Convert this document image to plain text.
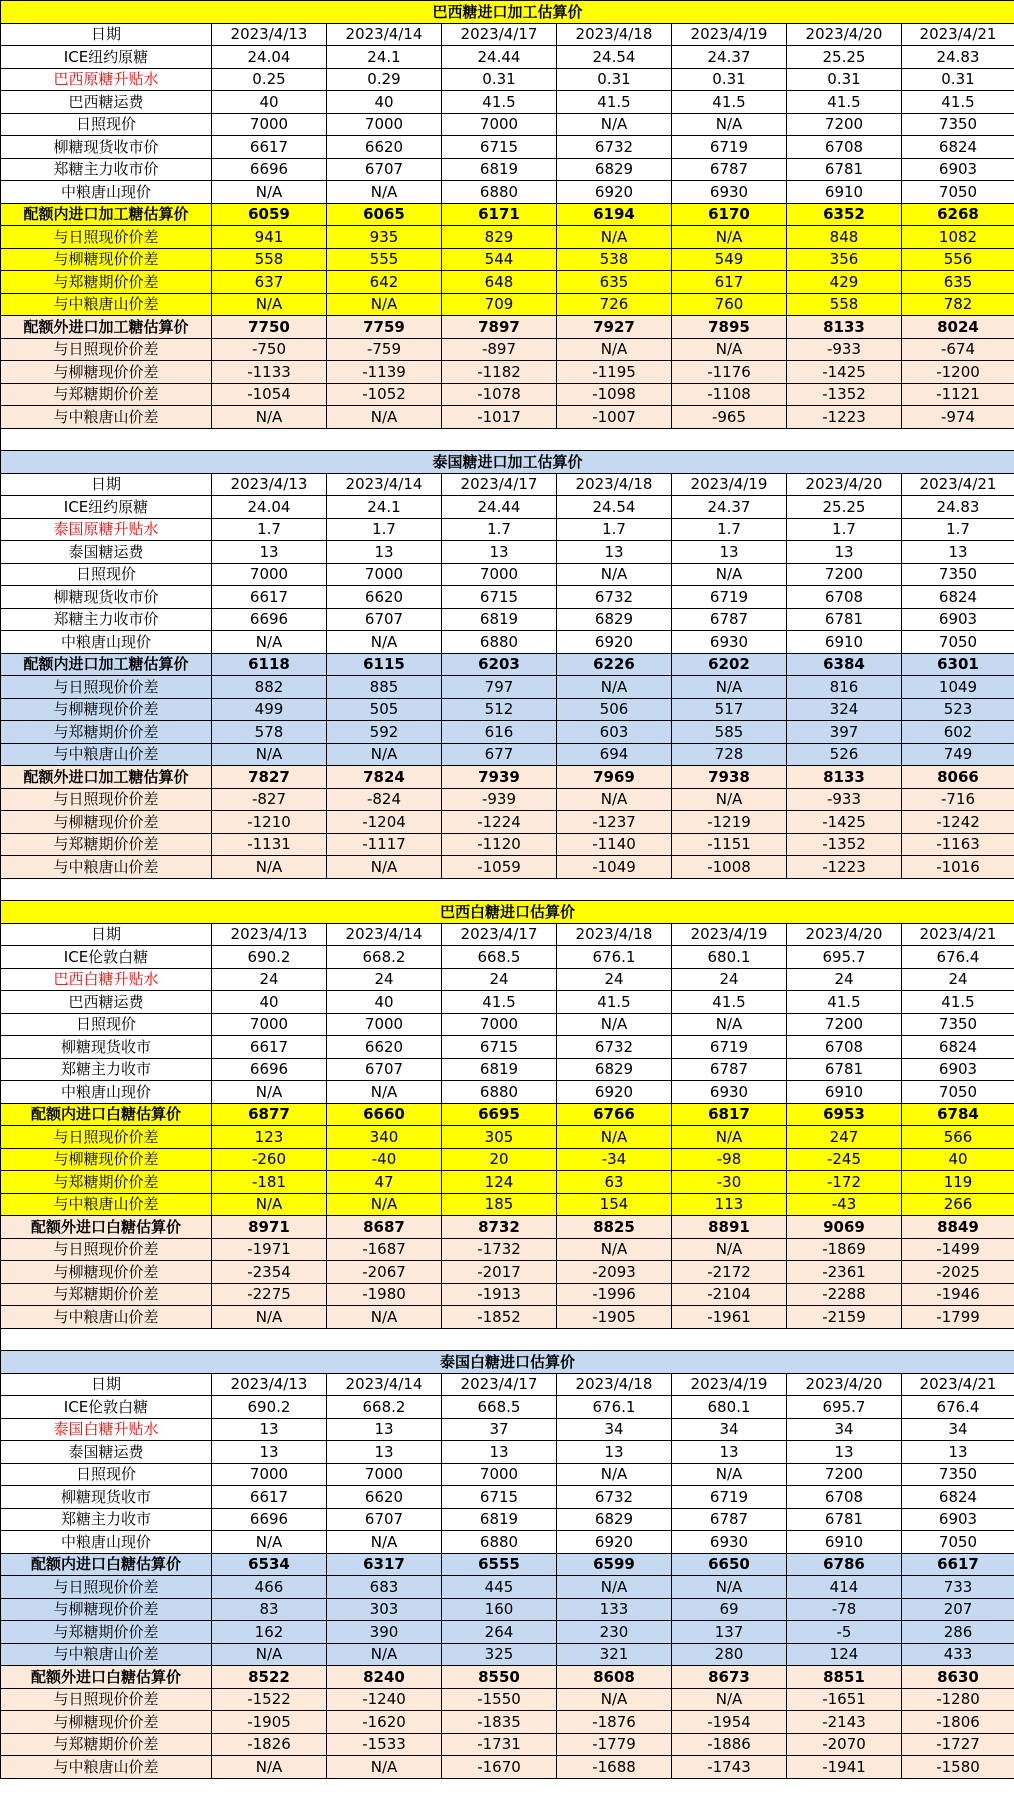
巴西糖进口加工估算价							
日期	2023/4/13	2023/4/14	2023/4/17	2023/4/18	2023/4/19	2023/4/20	2023/4/21
ICE纽约原糖	24.04	24.1	24.44	24.54	24.37	25.25	24.83
巴西原糖升贴水	0.25	0.29	0.31	0.31	0.31	0.31	0.31
巴西糖运费	40	40	41.5	41.5	41.5	41.5	41.5
日照现价	7000	7000	7000	N/A	N/A	7200	7350
柳糖现货收市价	6617	6620	6715	6732	6719	6708	6824
郑糖主力收市价	6696	6707	6819	6829	6787	6781	6903
中粮唐山现价	N/A	N/A	6880	6920	6930	6910	7050
配额内进口加工糖估算价	6059	6065	6171	6194	6170	6352	6268
与日照现价价差	941	935	829	N/A	N/A	848	1082
与柳糖现价价差	558	555	544	538	549	356	556
与郑糖期价价差	637	642	648	635	617	429	635
与中粮唐山价差	N/A	N/A	709	726	760	558	782
配额外进口加工糖估算价	7750	7759	7897	7927	7895	8133	8024
与日照现价价差	-750	-759	-897	N/A	N/A	-933	-674
与柳糖现价价差	-1133	-1139	-1182	-1195	-1176	-1425	-1200
与郑糖期价价差	-1054	-1052	-1078	-1098	-1108	-1352	-1121
与中粮唐山价差	N/A	N/A	-1017	-1007	-965	-1223	-974

泰国糖进口加工估算价							
日期	2023/4/13	2023/4/14	2023/4/17	2023/4/18	2023/4/19	2023/4/20	2023/4/21
ICE纽约原糖	24.04	24.1	24.44	24.54	24.37	25.25	24.83
泰国原糖升贴水	1.7	1.7	1.7	1.7	1.7	1.7	1.7
泰国糖运费	13	13	13	13	13	13	13
日照现价	7000	7000	7000	N/A	N/A	7200	7350
柳糖现货收市价	6617	6620	6715	6732	6719	6708	6824
郑糖主力收市价	6696	6707	6819	6829	6787	6781	6903
中粮唐山现价	N/A	N/A	6880	6920	6930	6910	7050
配额内进口加工糖估算价	6118	6115	6203	6226	6202	6384	6301
与日照现价价差	882	885	797	N/A	N/A	816	1049
与柳糖现价价差	499	505	512	506	517	324	523
与郑糖期价价差	578	592	616	603	585	397	602
与中粮唐山价差	N/A	N/A	677	694	728	526	749
配额外进口加工糖估算价	7827	7824	7939	7969	7938	8133	8066
与日照现价价差	-827	-824	-939	N/A	N/A	-933	-716
与柳糖现价价差	-1210	-1204	-1224	-1237	-1219	-1425	-1242
与郑糖期价价差	-1131	-1117	-1120	-1140	-1151	-1352	-1163
与中粮唐山价差	N/A	N/A	-1059	-1049	-1008	-1223	-1016

巴西白糖进口估算价							
日期	2023/4/13	2023/4/14	2023/4/17	2023/4/18	2023/4/19	2023/4/20	2023/4/21
ICE伦敦白糖	690.2	668.2	668.5	676.1	680.1	695.7	676.4
巴西白糖升贴水	24	24	24	24	24	24	24
巴西糖运费	40	40	41.5	41.5	41.5	41.5	41.5
日照现价	7000	7000	7000	N/A	N/A	7200	7350
柳糖现货收市	6617	6620	6715	6732	6719	6708	6824
郑糖主力收市	6696	6707	6819	6829	6787	6781	6903
中粮唐山现价	N/A	N/A	6880	6920	6930	6910	7050
配额内进口白糖估算价	6877	6660	6695	6766	6817	6953	6784
与日照现价价差	123	340	305	N/A	N/A	247	566
与柳糖现价价差	-260	-40	20	-34	-98	-245	40
与郑糖期价价差	-181	47	124	63	-30	-172	119
与中粮唐山价差	N/A	N/A	185	154	113	-43	266
配额外进口白糖估算价	8971	8687	8732	8825	8891	9069	8849
与日照现价价差	-1971	-1687	-1732	N/A	N/A	-1869	-1499
与柳糖现价价差	-2354	-2067	-2017	-2093	-2172	-2361	-2025
与郑糖期价价差	-2275	-1980	-1913	-1996	-2104	-2288	-1946
与中粮唐山价差	N/A	N/A	-1852	-1905	-1961	-2159	-1799

泰国白糖进口估算价							
日期	2023/4/13	2023/4/14	2023/4/17	2023/4/18	2023/4/19	2023/4/20	2023/4/21
ICE伦敦白糖	690.2	668.2	668.5	676.1	680.1	695.7	676.4
泰国白糖升贴水	13	13	37	34	34	34	34
泰国糖运费	13	13	13	13	13	13	13
日照现价	7000	7000	7000	N/A	N/A	7200	7350
柳糖现货收市	6617	6620	6715	6732	6719	6708	6824
郑糖主力收市	6696	6707	6819	6829	6787	6781	6903
中粮唐山现价	N/A	N/A	6880	6920	6930	6910	7050
配额内进口白糖估算价	6534	6317	6555	6599	6650	6786	6617
与日照现价价差	466	683	445	N/A	N/A	414	733
与柳糖现价价差	83	303	160	133	69	-78	207
与郑糖期价价差	162	390	264	230	137	-5	286
与中粮唐山价差	N/A	N/A	325	321	280	124	433
配额外进口白糖估算价	8522	8240	8550	8608	8673	8851	8630
与日照现价价差	-1522	-1240	-1550	N/A	N/A	-1651	-1280
与柳糖现价价差	-1905	-1620	-1835	-1876	-1954	-2143	-1806
与郑糖期价价差	-1826	-1533	-1731	-1779	-1886	-2070	-1727
与中粮唐山价差	N/A	N/A	-1670	-1688	-1743	-1941	-1580
